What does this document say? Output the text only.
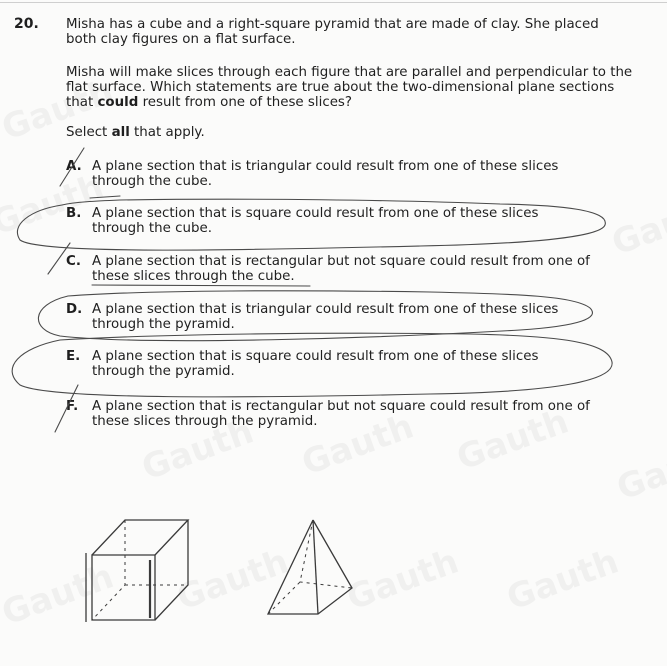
20. Misha has a cube and a right-square pyramid that are made of clay. She placed both clay figures on a flat surface.
Misha will make slices through each figure that are parallel and perpendicular to the flat surface. Which statements are true about the two-dimensional plane sections that could result from one of these slices?
Select all that apply.
A. A plane section that is triangular could result from one of these slices
through the cube.
B. A plane section that is square could result from one of these slices
through the cube.
C. A plane section that is rectangular but not square could result from one of
these slices through the cube.
D. A plane section that is triangular could result from one of these slices
through the pyramid.
E. A plane section that is square could result from one of these slices
through the pyramid.
F. A plane section that is rectangular but not square could result from one of
these slices through the pyramid.
